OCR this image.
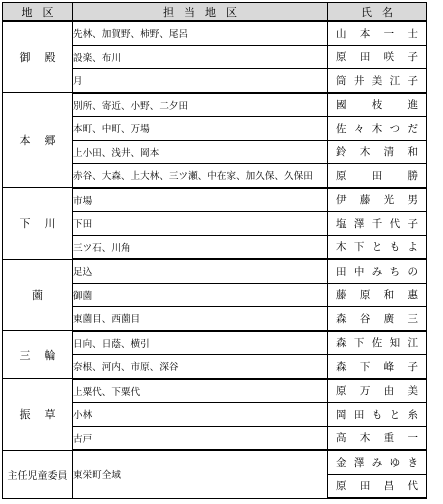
地区	担当地区	氏名
御殿	先林、加賀野、柿野、尾呂	山本一士
	設楽、布川	原田咲子
	月	筒井美江子
本郷	別所、寄近、小野、二夕田	國枝進
	本町、中町、万場	佐々木つだ
	上小田、浅井、岡本	鈴木清和
	赤谷、大森、上大林、三ツ瀬、中在家、加久保、久保田	原田勝
下川	市場	伊藤光男
	下田	塩澤千代子
	三ツ石、川角	木下ともよ
薗	足込	田中みちの
	御薗	藤原和惠
	東薗目、西薗目	森谷廣三
三輪	日向、日蔭、横引	森下佐知江
	奈根、河内、市原、深谷	森下峰子
振草	上粟代、下粟代	原万由美
	小林	岡田もと糸
	古戸	高木重一
主任児童委員	東栄町全域	金澤みゆき
		原田昌代
